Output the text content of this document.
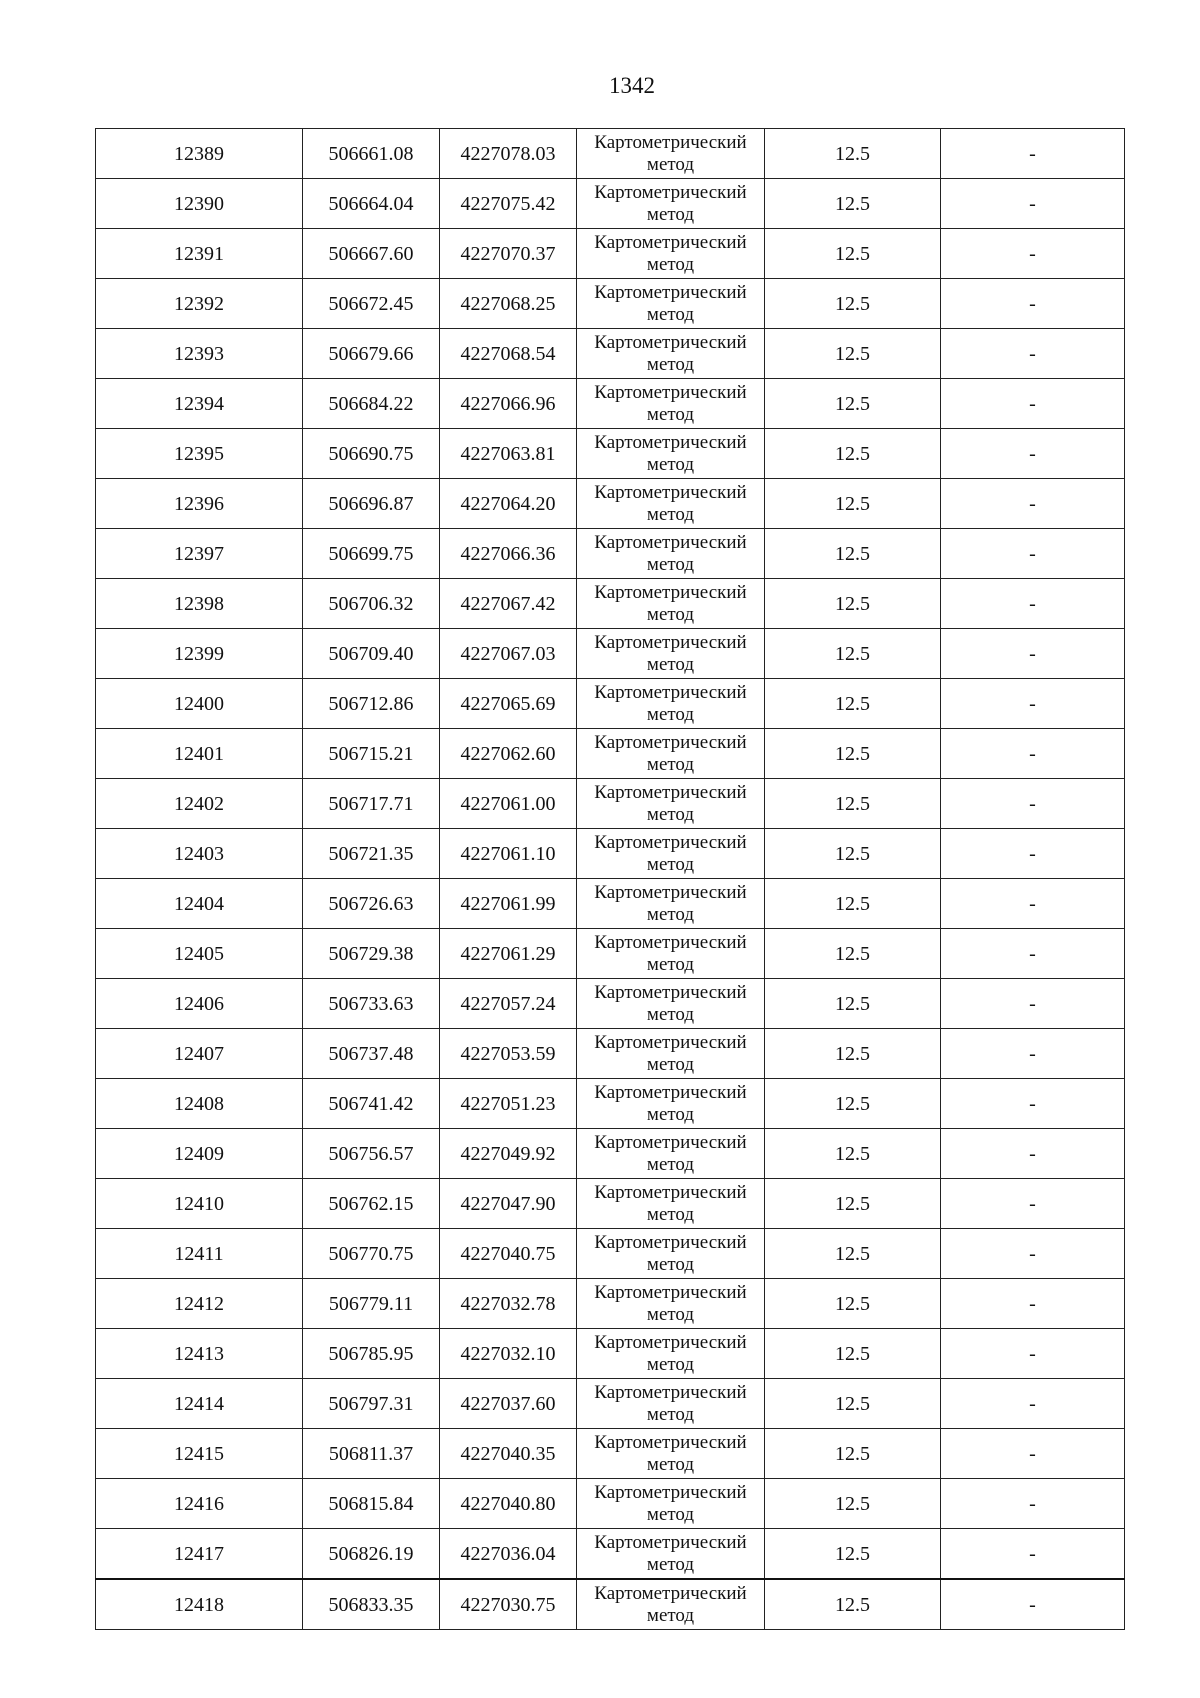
1342
12389	506661.08	4227078.03	Картометрический метод	12.5	-
12390	506664.04	4227075.42	Картометрический метод	12.5	-
12391	506667.60	4227070.37	Картометрический метод	12.5	-
12392	506672.45	4227068.25	Картометрический метод	12.5	-
12393	506679.66	4227068.54	Картометрический метод	12.5	-
12394	506684.22	4227066.96	Картометрический метод	12.5	-
12395	506690.75	4227063.81	Картометрический метод	12.5	-
12396	506696.87	4227064.20	Картометрический метод	12.5	-
12397	506699.75	4227066.36	Картометрический метод	12.5	-
12398	506706.32	4227067.42	Картометрический метод	12.5	-
12399	506709.40	4227067.03	Картометрический метод	12.5	-
12400	506712.86	4227065.69	Картометрический метод	12.5	-
12401	506715.21	4227062.60	Картометрический метод	12.5	-
12402	506717.71	4227061.00	Картометрический метод	12.5	-
12403	506721.35	4227061.10	Картометрический метод	12.5	-
12404	506726.63	4227061.99	Картометрический метод	12.5	-
12405	506729.38	4227061.29	Картометрический метод	12.5	-
12406	506733.63	4227057.24	Картометрический метод	12.5	-
12407	506737.48	4227053.59	Картометрический метод	12.5	-
12408	506741.42	4227051.23	Картометрический метод	12.5	-
12409	506756.57	4227049.92	Картометрический метод	12.5	-
12410	506762.15	4227047.90	Картометрический метод	12.5	-
12411	506770.75	4227040.75	Картометрический метод	12.5	-
12412	506779.11	4227032.78	Картометрический метод	12.5	-
12413	506785.95	4227032.10	Картометрический метод	12.5	-
12414	506797.31	4227037.60	Картометрический метод	12.5	-
12415	506811.37	4227040.35	Картометрический метод	12.5	-
12416	506815.84	4227040.80	Картометрический метод	12.5	-
12417	506826.19	4227036.04	Картометрический метод	12.5	-
12418	506833.35	4227030.75	Картометрический метод	12.5	-
